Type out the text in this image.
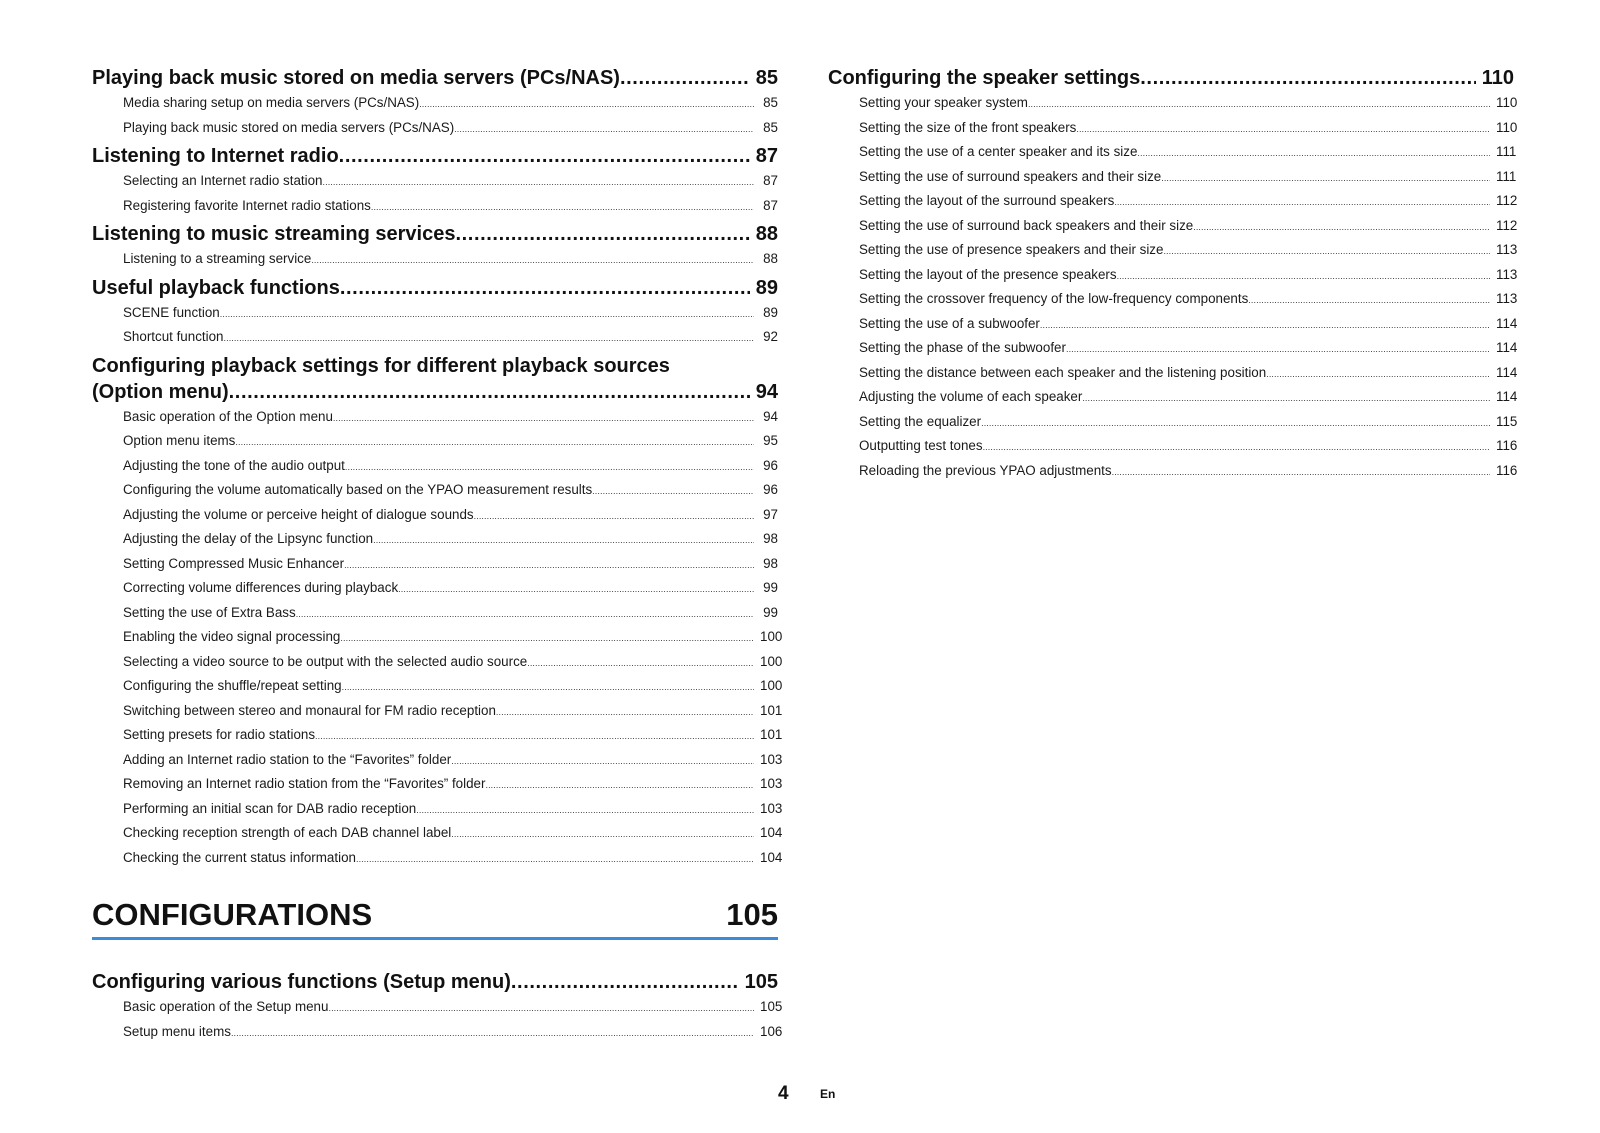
Playing back music stored on media servers (PCs/NAS) .....	85
Media sharing setup on media servers (PCs/NAS) .....	85
Playing back music stored on media servers (PCs/NAS) .....	85
Listening to Internet radio .....	87
Selecting an Internet radio station .....	87
Registering favorite Internet radio stations .....	87
Listening to music streaming services .....	88
Listening to a streaming service .....	88
Useful playback functions .....	89
SCENE function .....	89
Shortcut function .....	92
Configuring playback settings for different playback sources
(Option menu) .....	94
Basic operation of the Option menu .....	94
Option menu items .....	95
Adjusting the tone of the audio output .....	96
Configuring the volume automatically based on the YPAO measurement results .....	96
Adjusting the volume or perceive height of dialogue sounds .....	97
Adjusting the delay of the Lipsync function .....	98
Setting Compressed Music Enhancer .....	98
Correcting volume differences during playback .....	99
Setting the use of Extra Bass .....	99
Enabling the video signal processing .....	100
Selecting a video source to be output with the selected audio source .....	100
Configuring the shuffle/repeat setting .....	100
Switching between stereo and monaural for FM radio reception .....	101
Setting presets for radio stations .....	101
Adding an Internet radio station to the “Favorites” folder .....	103
Removing an Internet radio station from the “Favorites” folder .....	103
Performing an initial scan for DAB radio reception .....	103
Checking reception strength of each DAB channel label .....	104
Checking the current status information .....	104
CONFIGURATIONS	105
Configuring various functions (Setup menu) .....	105
Basic operation of the Setup menu .....	105
Setup menu items .....	106
Configuring the speaker settings .....	110
Setting your speaker system .....	110
Setting the size of the front speakers .....	110
Setting the use of a center speaker and its size .....	111
Setting the use of surround speakers and their size .....	111
Setting the layout of the surround speakers .....	112
Setting the use of surround back speakers and their size .....	112
Setting the use of presence speakers and their size .....	113
Setting the layout of the presence speakers .....	113
Setting the crossover frequency of the low-frequency components .....	113
Setting the use of a subwoofer .....	114
Setting the phase of the subwoofer .....	114
Setting the distance between each speaker and the listening position .....	114
Adjusting the volume of each speaker .....	114
Setting the equalizer .....	115
Outputting test tones .....	116
Reloading the previous YPAO adjustments .....	116
4	En
